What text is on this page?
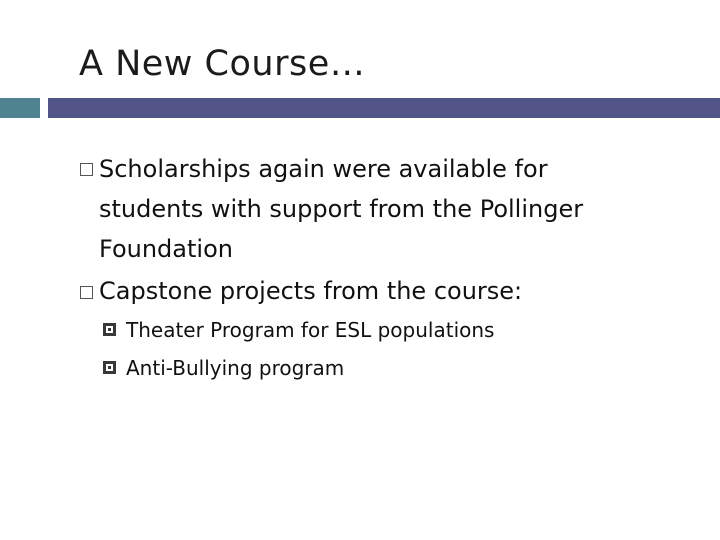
A New Course…
Scholarships again were available for students with support from the Pollinger Foundation
Capstone projects from the course:
Theater Program for ESL populations
Anti-Bullying program
